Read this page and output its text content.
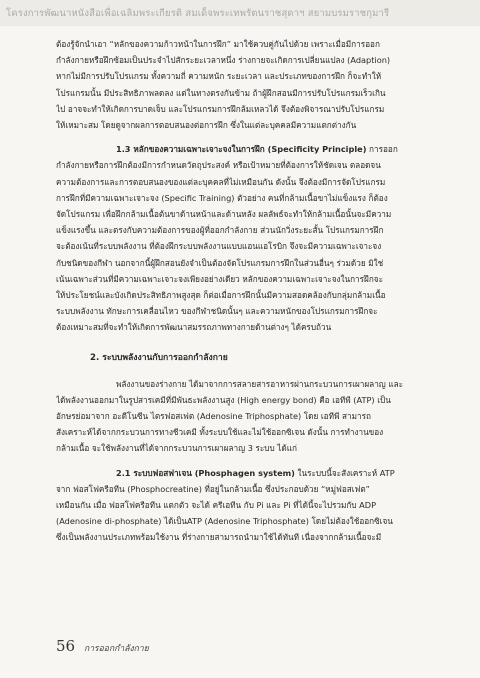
โครงการพัฒนาหนังสือเพื่อเฉลิมพระเกียรติ สมเด็จพระเทพรัตนราชสุดาฯ สยามบรมราชกุมารี
ต้องรู้จักนำเอา “หลักของความก้าวหน้าในการฝึก” มาใช้ควบคู่กันไปด้วย เพราะเมื่อมีการออก
กำลังกายหรือฝึกซ้อมเป็นประจำไปสักระยะเวลาหนึ่ง ร่างกายจะเกิดการเปลี่ยนแปลง (Adaption)
หากไม่มีการปรับโปรแกรม ทั้งความถี่ ความหนัก ระยะเวลา และประเภทของการฝึก ก็จะทำให้
โปรแกรมนั้น มีประสิทธิภาพลดลง แต่ในทางตรงกันข้าม ถ้าผู้ฝึกสอนมีการปรับโปรแกรมเร็วเกิน
ไป อาจจะทำให้เกิดการบาดเจ็บ และโปรแกรมการฝึกล้มเหลวได้ จึงต้องพิจารณาปรับโปรแกรม
ให้เหมาะสม โดยดูจากผลการตอบสนองต่อการฝึก ซึ่งในแต่ละบุคคลมีความแตกต่างกัน
1.3 หลักของความเฉพาะเจาะจงในการฝึก (Specificity Principle) การออก
กำลังกายหรือการฝึกต้องมีการกำหนดวัตถุประสงค์ หรือเป้าหมายที่ต้องการให้ชัดเจน ตลอดจน
ความต้องการและการตอบสนองของแต่ละบุคคลที่ไม่เหมือนกัน ดังนั้น จึงต้องมีการจัดโปรแกรม
การฝึกที่มีความเฉพาะเจาะจง (Specific Training) ตัวอย่าง คนที่กล้ามเนื้อขาไม่แข็งแรง ก็ต้อง
จัดโปรแกรม เพื่อฝึกกล้ามเนื้อต้นขาด้านหน้าและด้านหลัง ผลลัพธ์จะทำให้กล้ามเนื้อนั้นจะมีความ
แข็งแรงขึ้น และตรงกับความต้องการของผู้ที่ออกกำลังกาย ส่วนนักวิ่งระยะสั้น โปรแกรมการฝึก
จะต้องเน้นที่ระบบพลังงาน ที่ต้องฝึกระบบพลังงานแบบแอนแอโรบิก จึงจะมีความเฉพาะเจาะจง
กับชนิดของกีฬา นอกจากนี้ผู้ฝึกสอนยังจำเป็นต้องจัดโปรแกรมการฝึกในส่วนอื่นๆ ร่วมด้วย มิใช่
เน้นเฉพาะส่วนที่มีความเฉพาะเจาะจงเพียงอย่างเดียว หลักของความเฉพาะเจาะจงในการฝึกจะ
ให้ประโยชน์และบังเกิดประสิทธิภาพสูงสุด ก็ต่อเมื่อการฝึกนั้นมีความสอดคล้องกับกลุ่มกล้ามเนื้อ
ระบบพลังงาน ทักษะการเคลื่อนไหว ของกีฬาชนิดนั้นๆ และความหนักของโปรแกรมการฝึกจะ
ต้องเหมาะสมที่จะทำให้เกิดการพัฒนาสมรรถภาพทางกายด้านต่างๆ ได้ครบถ้วน
2. ระบบพลังงานกับการออกกำลังกาย
พลังงานของร่างกาย ได้มาจากการสลายสารอาหารผ่านกระบวนการเผาผลาญ และ
ได้พลังงานออกมาในรูปสารเคมีที่มีพันธะพลังงานสูง (High energy bond) คือ เอทีพี (ATP) เป็น
อักษรย่อมาจาก อะดีโนซีน ไตรฟอสเฟต (Adenosine Triphosphate) โดย เอทีพี สามารถ
สังเคราะห์ได้จากกระบวนการทางชีวเคมี ทั้งระบบใช้และไม่ใช้ออกซิเจน ดังนั้น การทำงานของ
กล้ามเนื้อ จะใช้พลังงานที่ได้จากกระบวนการเผาผลาญ 3 ระบบ ได้แก่
2.1 ระบบฟอสฟาเจน (Phosphagen system) ในระบบนี้จะสังเคราะห์ ATP
จาก ฟอสโฟครีอทีน (Phosphocreatine) ที่อยู่ในกล้ามเนื้อ ซึ่งประกอบด้วย “หมู่ฟอสเฟต”
เหมือนกัน เมื่อ ฟอสโฟครีอทีน แตกตัว จะได้ ครีเอทีน กับ Pi และ Pi ที่ได้นี้จะไปรวมกับ ADP
(Adenosine di-phosphate) ได้เป็นATP (Adenosine Triphosphate) โดยไม่ต้องใช้ออกซิเจน
ซึ่งเป็นพลังงานประเภทพร้อมใช้งาน ที่ร่างกายสามารถนำมาใช้ได้ทันที เนื่องจากกล้ามเนื้อจะมี
56 การออกกำลังกาย
